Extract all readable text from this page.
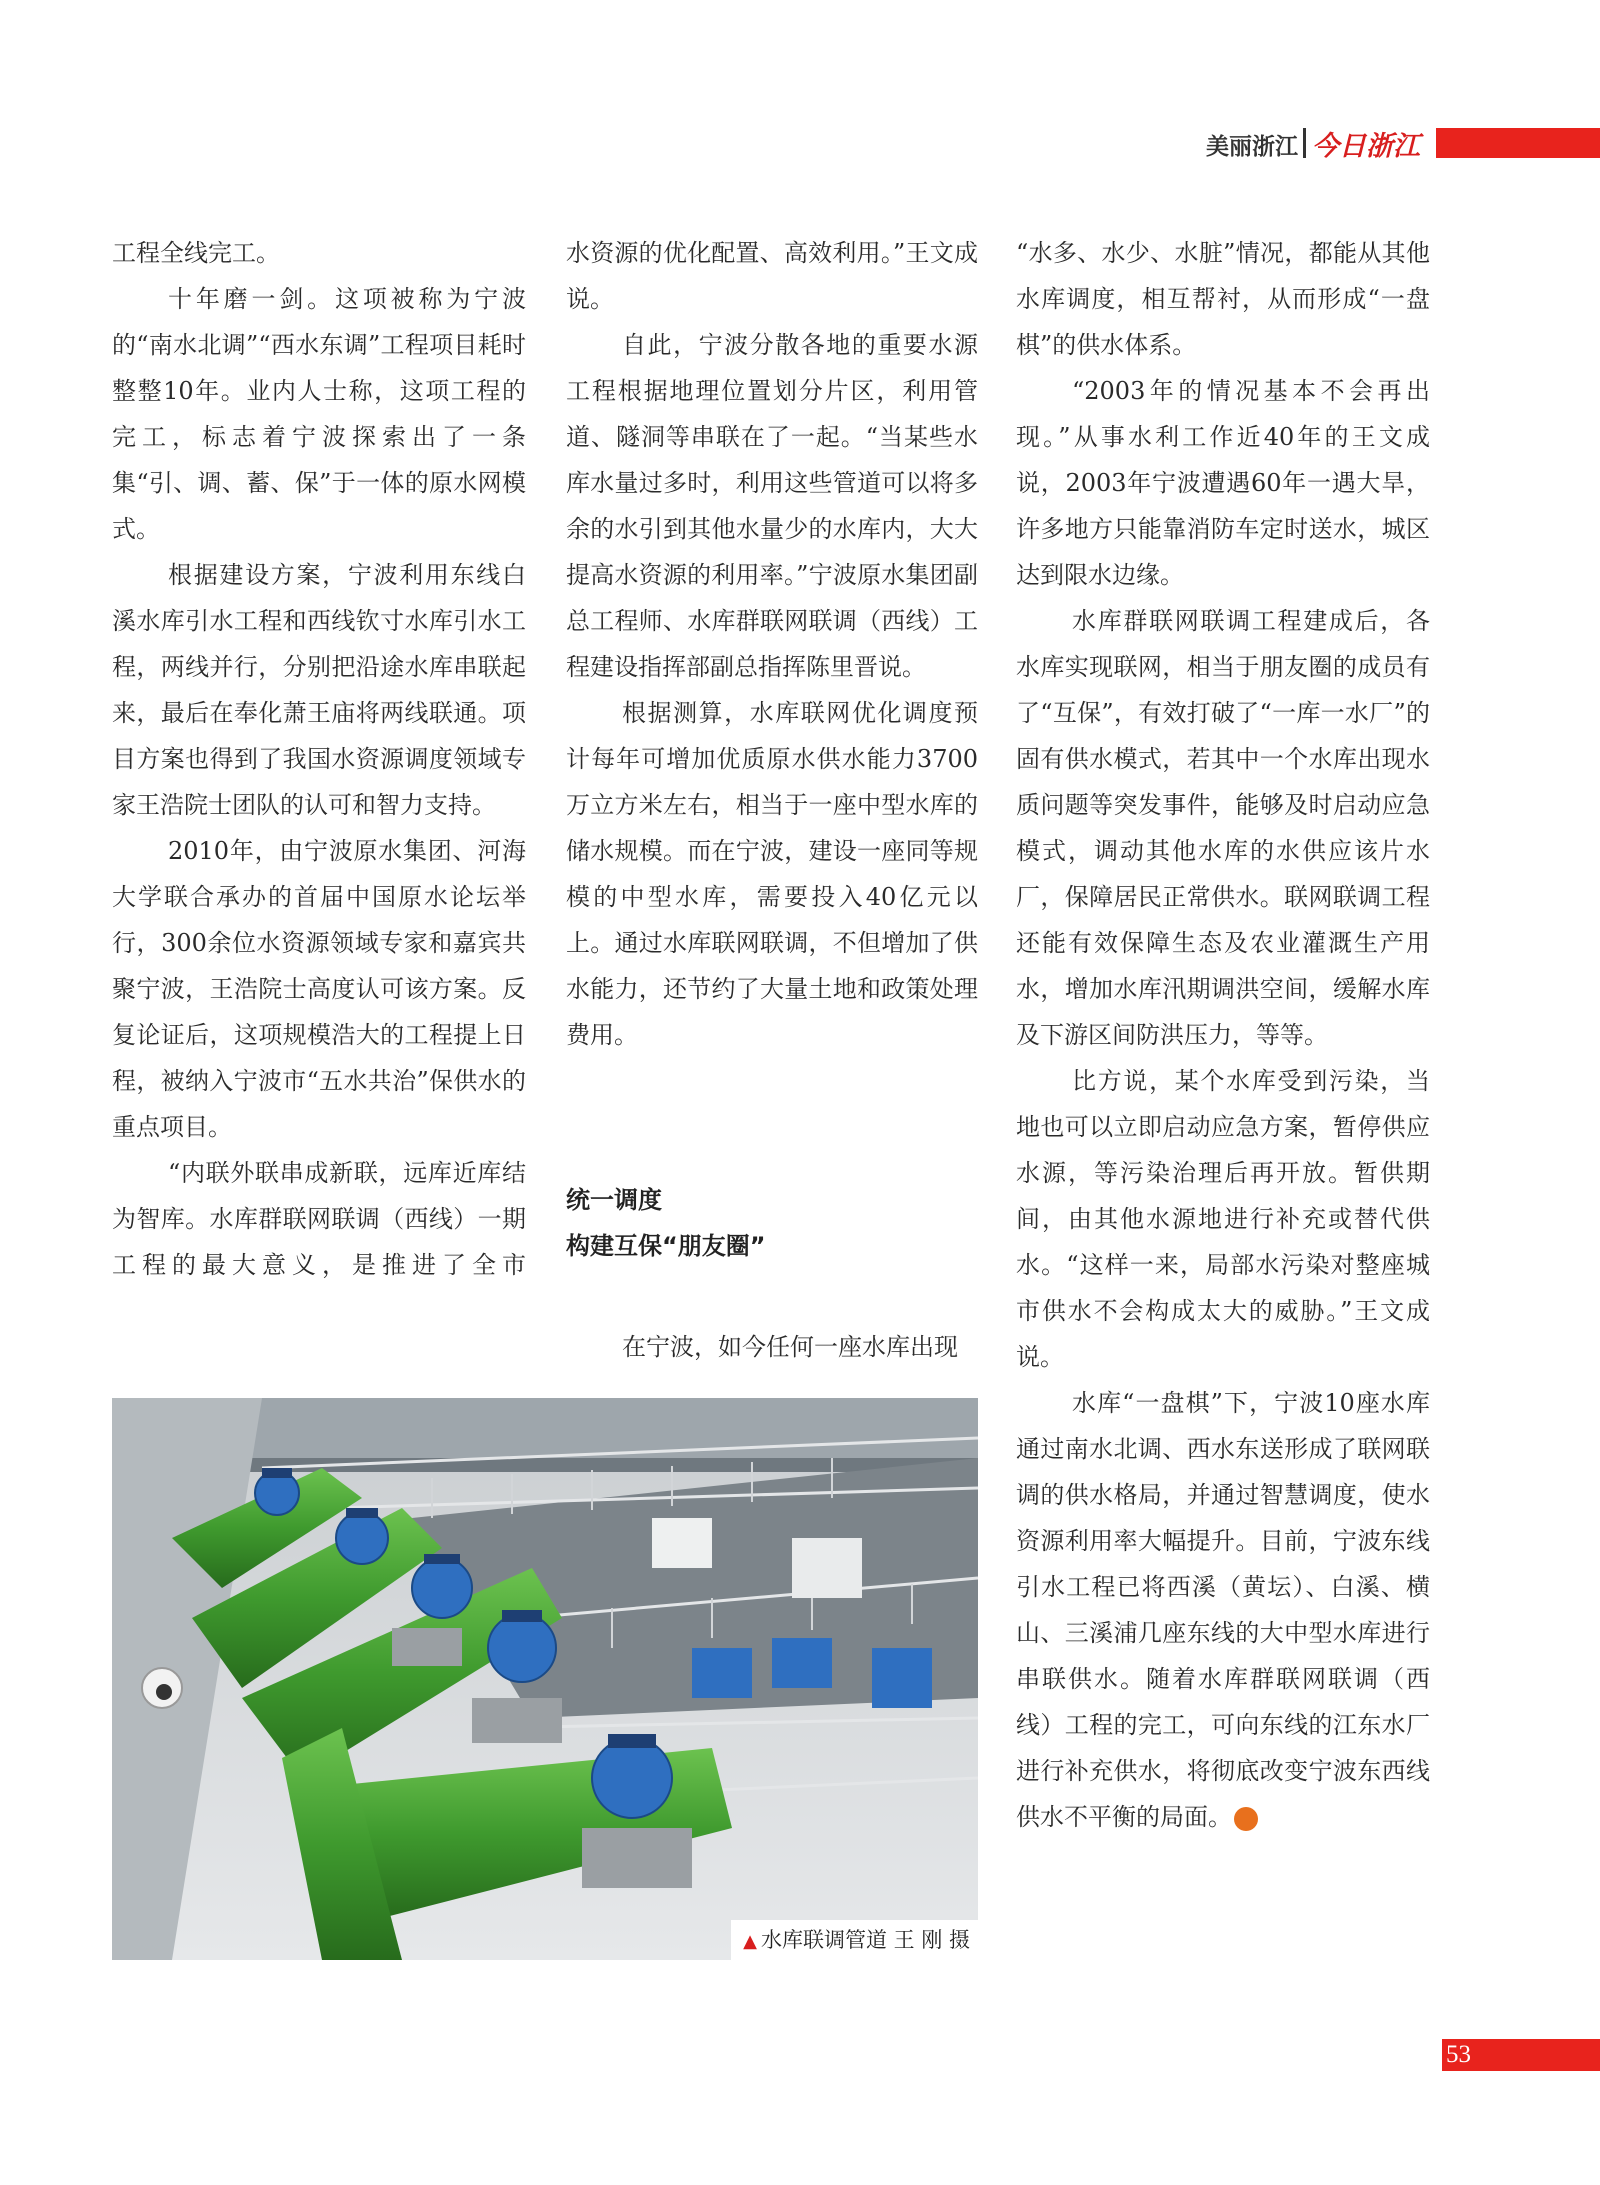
美丽浙江 今日浙江

工程全线完工。

十年磨一剑。这项被称为宁波的“南水北调”“西水东调”工程项目耗时整整10年。业内人士称，这项工程的完工，标志着宁波探索出了一条集“引、调、蓄、保”于一体的原水网模式。

根据建设方案，宁波利用东线白溪水库引水工程和西线钦寸水库引水工程，两线并行，分别把沿途水库串联起来，最后在奉化萧王庙将两线联通。项目方案也得到了我国水资源调度领域专家王浩院士团队的认可和智力支持。

2010年，由宁波原水集团、河海大学联合承办的首届中国原水论坛举行，300余位水资源领域专家和嘉宾共聚宁波，王浩院士高度认可该方案。反复论证后，这项规模浩大的工程提上日程，被纳入宁波市“五水共治”保供水的重点项目。

“内联外联串成新联，远库近库结为智库。水库群联网联调（西线）一期工程的最大意义，是推进了全市

水资源的优化配置、高效利用。”王文成说。

自此，宁波分散各地的重要水源工程根据地理位置划分片区，利用管道、隧洞等串联在了一起。“当某些水库水量过多时，利用这些管道可以将多余的水引到其他水量少的水库内，大大提高水资源的利用率。”宁波原水集团副总工程师、水库群联网联调（西线）工程建设指挥部副总指挥陈里晋说。

根据测算，水库联网优化调度预计每年可增加优质原水供水能力3700万立方米左右，相当于一座中型水库的储水规模。而在宁波，建设一座同等规模的中型水库，需要投入40亿元以上。通过水库联网联调，不但增加了供水能力，还节约了大量土地和政策处理费用。

统一调度
构建互保“朋友圈”

在宁波，如今任何一座水库出现

“水多、水少、水脏”情况，都能从其他水库调度，相互帮衬，从而形成“一盘棋”的供水体系。

“2003年的情况基本不会再出现。”从事水利工作近40年的王文成说，2003年宁波遭遇60年一遇大旱，许多地方只能靠消防车定时送水，城区达到限水边缘。

水库群联网联调工程建成后，各水库实现联网，相当于朋友圈的成员有了“互保”，有效打破了“一库一水厂”的固有供水模式，若其中一个水库出现水质问题等突发事件，能够及时启动应急模式，调动其他水库的水供应该片水厂，保障居民正常供水。联网联调工程还能有效保障生态及农业灌溉生产用水，增加水库汛期调洪空间，缓解水库及下游区间防洪压力，等等。

比方说，某个水库受到污染，当地也可以立即启动应急方案，暂停供应水源，等污染治理后再开放。暂供期间，由其他水源地进行补充或替代供水。“这样一来，局部水污染对整座城市供水不会构成太大的威胁。”王文成说。

水库“一盘棋”下，宁波10座水库通过南水北调、西水东送形成了联网联调的供水格局，并通过智慧调度，使水资源利用率大幅提升。目前，宁波东线引水工程已将西溪（黄坛）、白溪、横山、三溪浦几座东线的大中型水库进行串联供水。随着水库群联网联调（西线）工程的完工，可向东线的江东水厂进行补充供水，将彻底改变宁波东西线供水不平衡的局面。	今

▲ 水库联调管道 王 刚 摄
53
